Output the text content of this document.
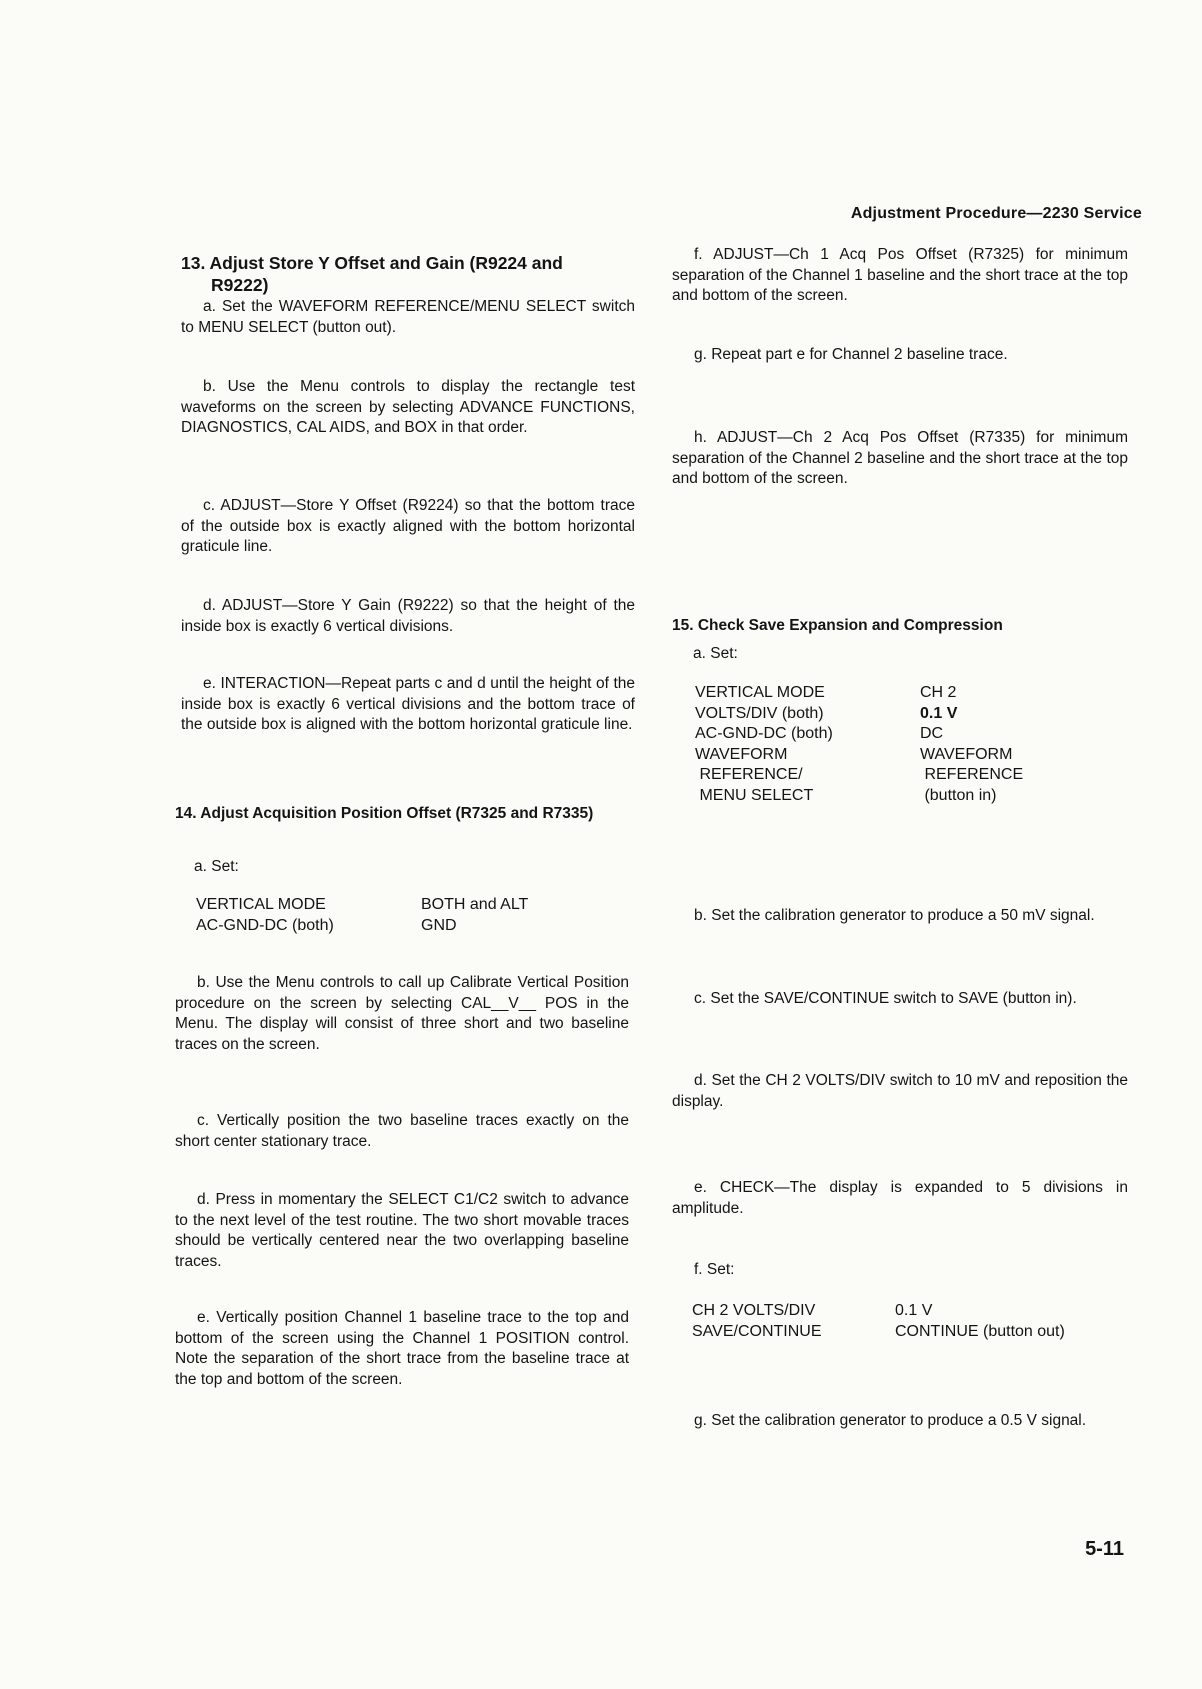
Adjustment Procedure—2230 Service
13. Adjust Store Y Offset and Gain (R9224 and
R9222)

a. Set the WAVEFORM REFERENCE/MENU SELECT switch to MENU SELECT (button out).

b. Use the Menu controls to display the rectangle test waveforms on the screen by selecting ADVANCE FUNCTIONS, DIAGNOSTICS, CAL AIDS, and BOX in that order.

c. ADJUST—Store Y Offset (R9224) so that the bottom trace of the outside box is exactly aligned with the bottom horizontal graticule line.

d. ADJUST—Store Y Gain (R9222) so that the height of the inside box is exactly 6 vertical divisions.

e. INTERACTION—Repeat parts c and d until the height of the inside box is exactly 6 vertical divisions and the bottom trace of the outside box is aligned with the bottom horizontal graticule line.

14. Adjust Acquisition Position Offset (R7325 and R7335)

a. Set:

VERTICAL MODE	BOTH and ALT
AC-GND-DC (both)	GND

b. Use the Menu controls to call up Calibrate Vertical Position procedure on the screen by selecting CAL__V__ POS in the Menu. The display will consist of three short and two baseline traces on the screen.

c. Vertically position the two baseline traces exactly on the short center stationary trace.

d. Press in momentary the SELECT C1/C2 switch to advance to the next level of the test routine. The two short movable traces should be vertically centered near the two overlapping baseline traces.

e. Vertically position Channel 1 baseline trace to the top and bottom of the screen using the Channel 1 POSITION control. Note the separation of the short trace from the baseline trace at the top and bottom of the screen.

f. ADJUST—Ch 1 Acq Pos Offset (R7325) for minimum separation of the Channel 1 baseline and the short trace at the top and bottom of the screen.

g. Repeat part e for Channel 2 baseline trace.

h. ADJUST—Ch 2 Acq Pos Offset (R7335) for minimum separation of the Channel 2 baseline and the short trace at the top and bottom of the screen.

15. Check Save Expansion and Compression

a. Set:

VERTICAL MODE	CH 2
VOLTS/DIV (both)	0.1 V
AC-GND-DC (both)	DC
WAVEFORM	WAVEFORM
REFERENCE/	REFERENCE
MENU SELECT	(button in)

b. Set the calibration generator to produce a 50 mV signal.

c. Set the SAVE/CONTINUE switch to SAVE (button in).

d. Set the CH 2 VOLTS/DIV switch to 10 mV and reposition the display.

e. CHECK—The display is expanded to 5 divisions in amplitude.

f. Set:

CH 2 VOLTS/DIV	0.1 V
SAVE/CONTINUE	CONTINUE (button out)

g. Set the calibration generator to produce a 0.5 V signal.

5-11
